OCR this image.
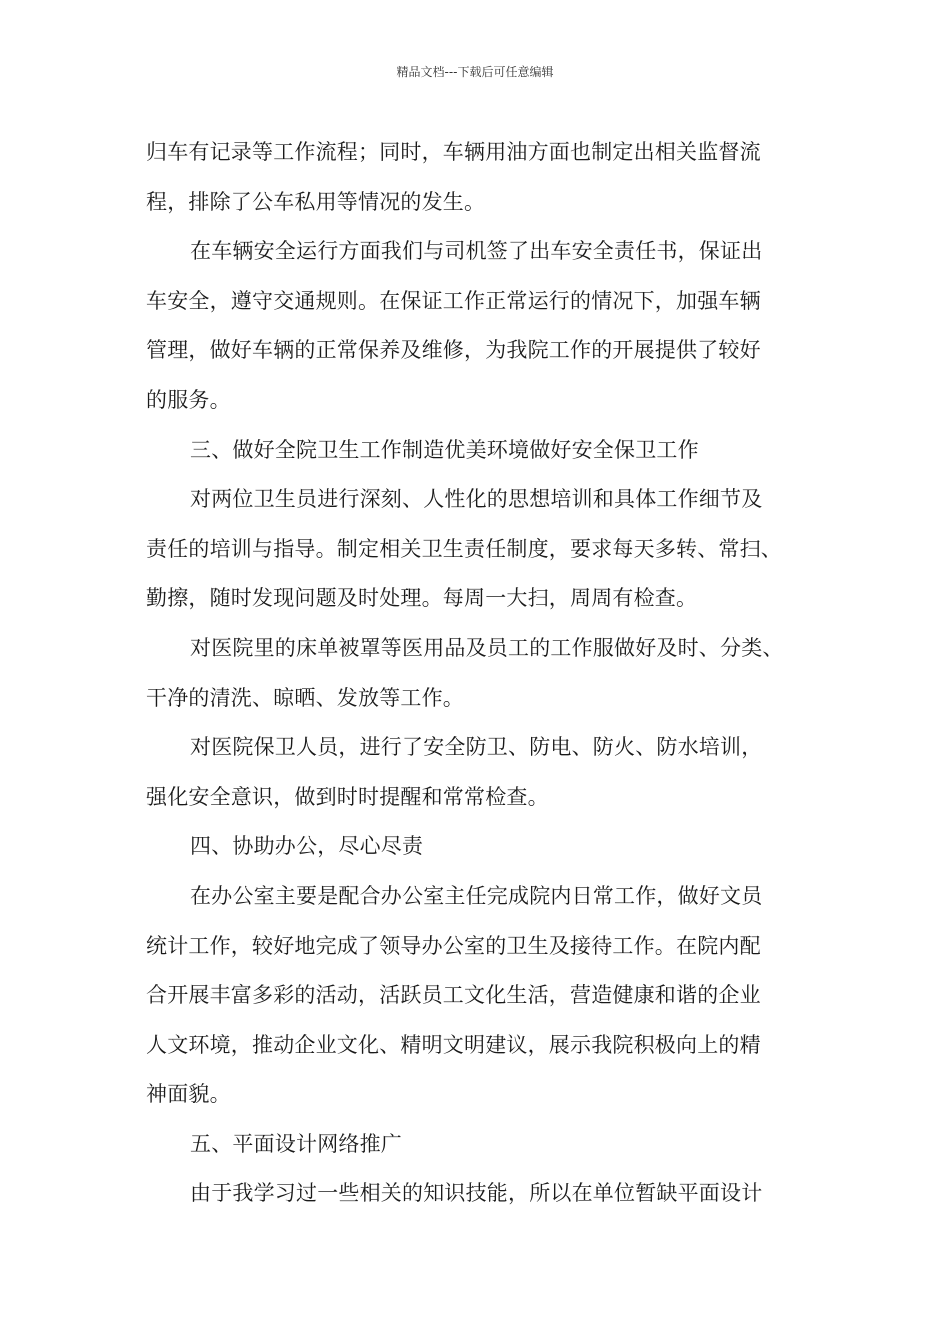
精品文档---下载后可任意编辑
归车有记录等工作流程；同时，车辆用油方面也制定出相关监督流
程，排除了公车私用等情况的发生。
在车辆安全运行方面我们与司机签了出车安全责任书，保证出
车安全，遵守交通规则。在保证工作正常运行的情况下，加强车辆
管理，做好车辆的正常保养及维修，为我院工作的开展提供了较好
的服务。
三、做好全院卫生工作制造优美环境做好安全保卫工作
对两位卫生员进行深刻、人性化的思想培训和具体工作细节及
责任的培训与指导。制定相关卫生责任制度，要求每天多转、常扫、
勤擦，随时发现问题及时处理。每周一大扫，周周有检查。
对医院里的床单被罩等医用品及员工的工作服做好及时、分类、
干净的清洗、晾晒、发放等工作。
对医院保卫人员，进行了安全防卫、防电、防火、防水培训，
强化安全意识，做到时时提醒和常常检查。
四、协助办公，尽心尽责
在办公室主要是配合办公室主任完成院内日常工作，做好文员
统计工作，较好地完成了领导办公室的卫生及接待工作。在院内配
合开展丰富多彩的活动，活跃员工文化生活，营造健康和谐的企业
人文环境，推动企业文化、精明文明建议，展示我院积极向上的精
神面貌。
五、平面设计网络推广
由于我学习过一些相关的知识技能，所以在单位暂缺平面设计
